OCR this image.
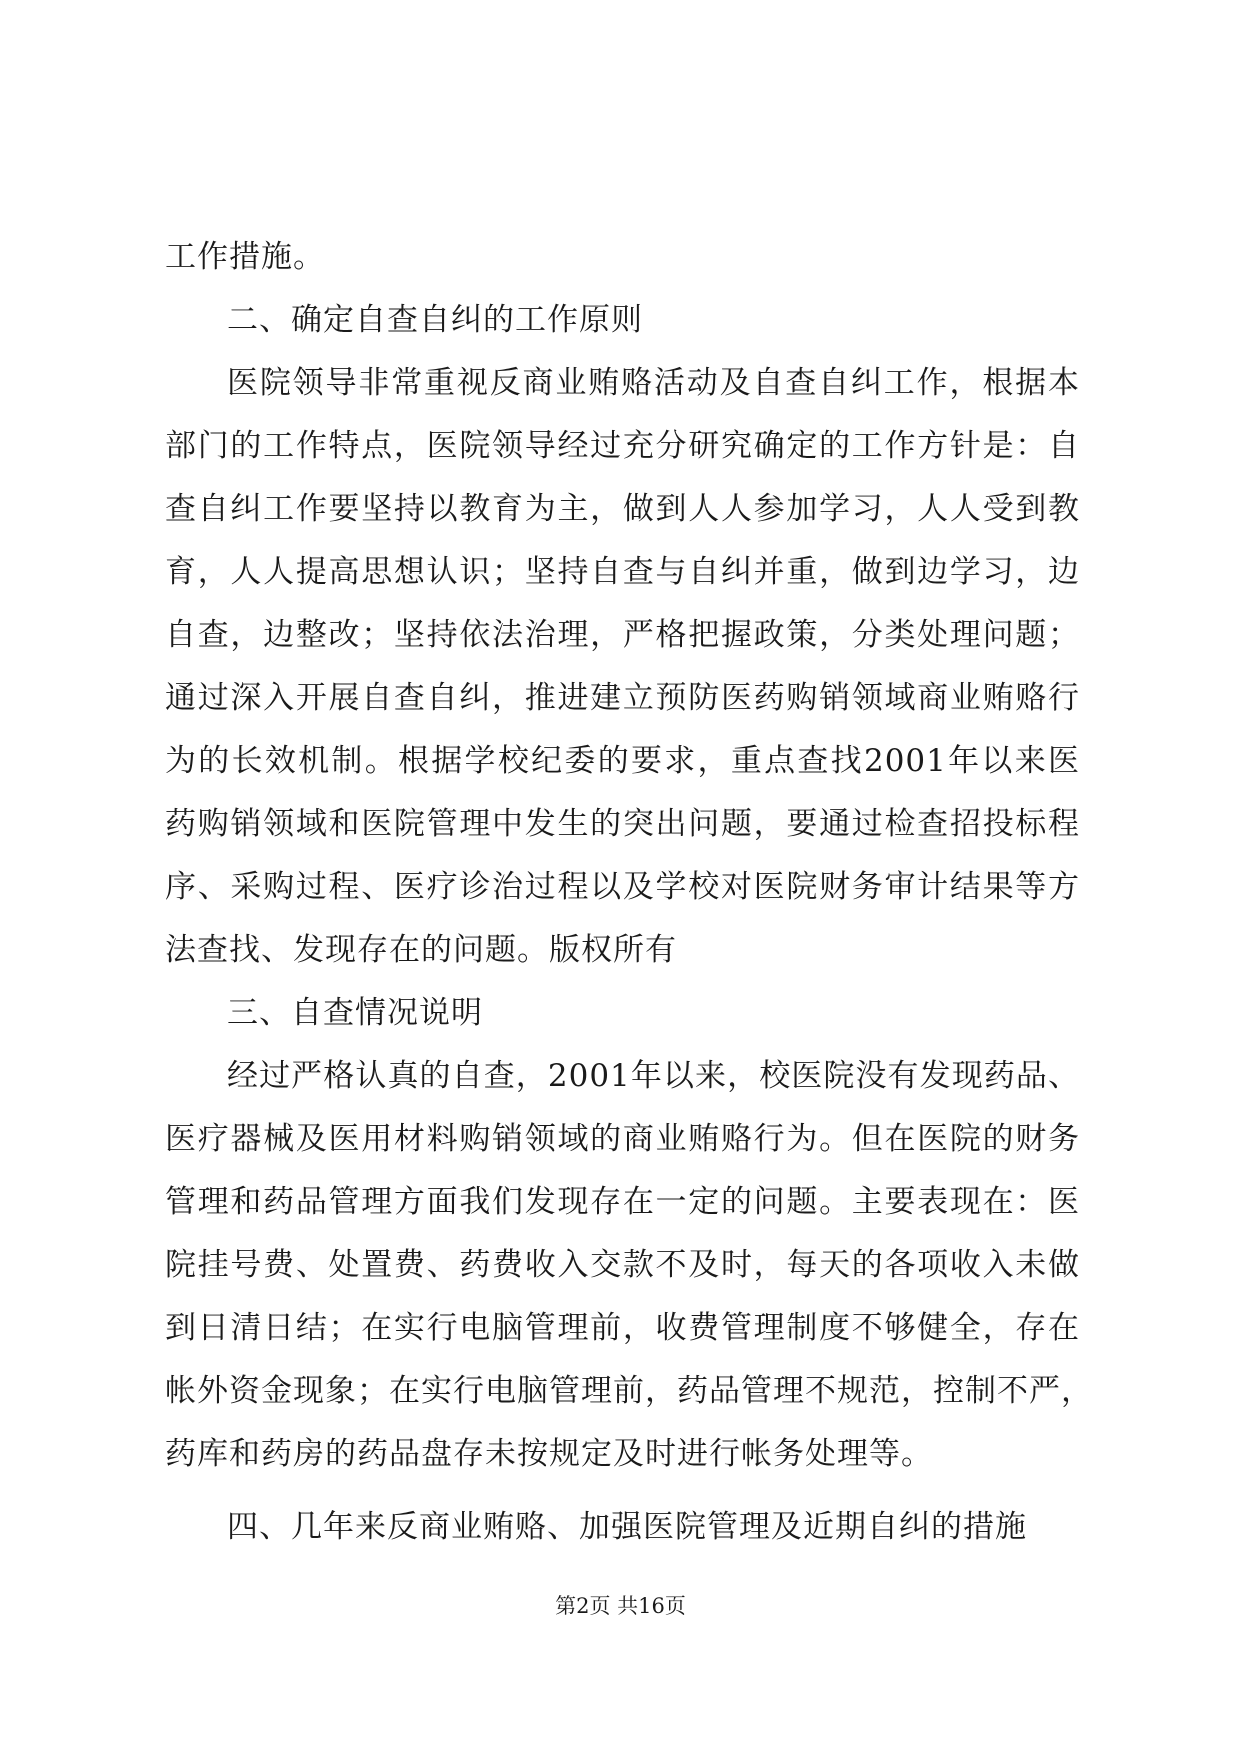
工作措施。
二、确定自查自纠的工作原则
医院领导非常重视反商业贿赂活动及自查自纠工作，根据本
部门的工作特点，医院领导经过充分研究确定的工作方针是：自
查自纠工作要坚持以教育为主，做到人人参加学习，人人受到教
育，人人提高思想认识；坚持自查与自纠并重，做到边学习，边
自查，边整改；坚持依法治理，严格把握政策，分类处理问题；
通过深入开展自查自纠，推进建立预防医药购销领域商业贿赂行
为的长效机制。根据学校纪委的要求，重点查找2001年以来医
药购销领域和医院管理中发生的突出问题，要通过检查招投标程
序、采购过程、医疗诊治过程以及学校对医院财务审计结果等方
法查找、发现存在的问题。版权所有
三、自查情况说明
经过严格认真的自查，2001年以来，校医院没有发现药品、
医疗器械及医用材料购销领域的商业贿赂行为。但在医院的财务
管理和药品管理方面我们发现存在一定的问题。主要表现在：医
院挂号费、处置费、药费收入交款不及时，每天的各项收入未做
到日清日结；在实行电脑管理前，收费管理制度不够健全，存在
帐外资金现象；在实行电脑管理前，药品管理不规范，控制不严，
药库和药房的药品盘存未按规定及时进行帐务处理等。
四、几年来反商业贿赂、加强医院管理及近期自纠的措施
第2页 共16页
